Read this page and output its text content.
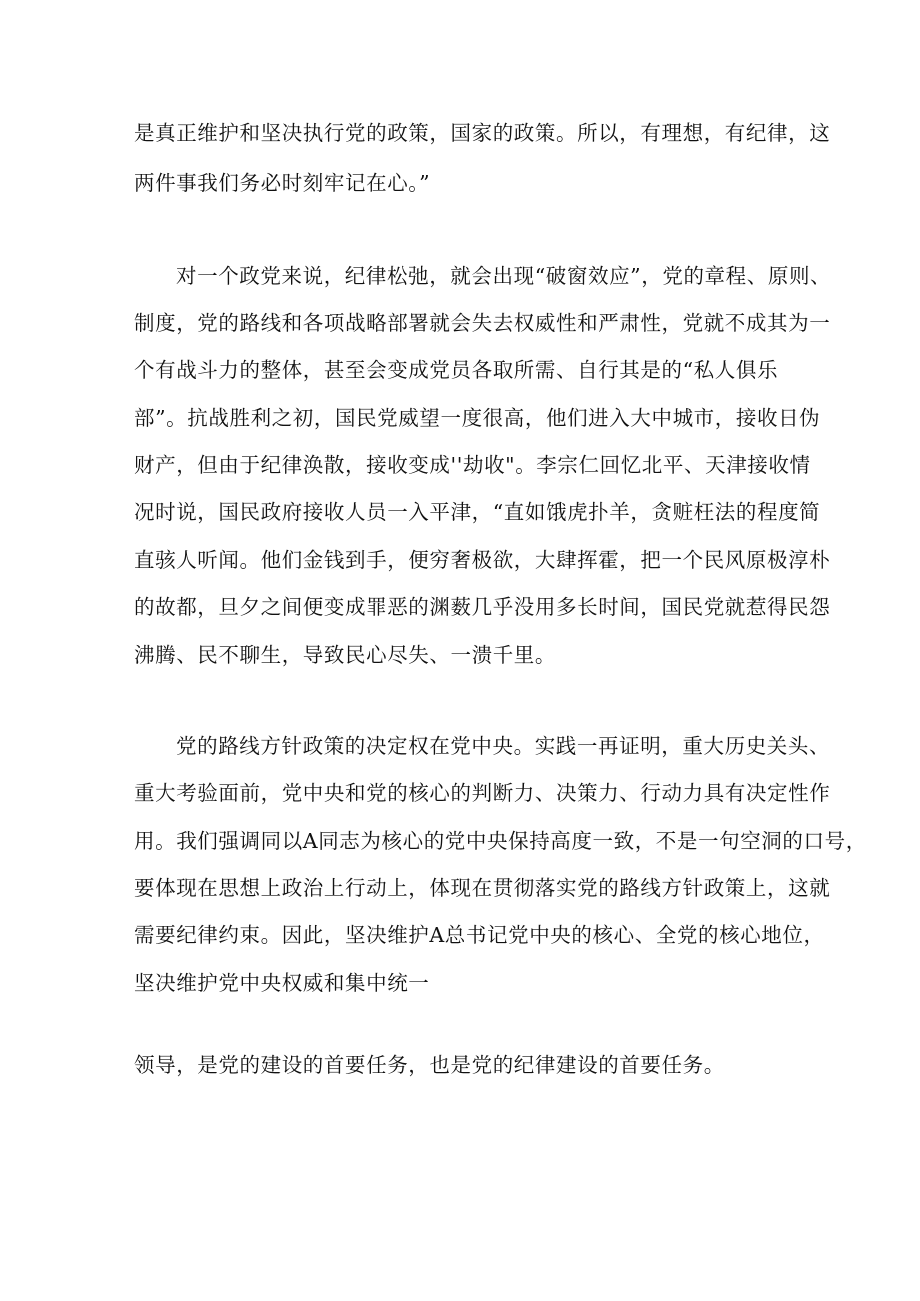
是真正维护和坚决执行党的政策，国家的政策。所以，有理想，有纪律，这
两件事我们务必时刻牢记在心。”
对一个政党来说，纪律松弛，就会出现“破窗效应”，党的章程、原则、
制度，党的路线和各项战略部署就会失去权威性和严肃性，党就不成其为一
个有战斗力的整体，甚至会变成党员各取所需、自行其是的“私人俱乐
部”。抗战胜利之初，国民党威望一度很高，他们进入大中城市，接收日伪
财产，但由于纪律涣散，接收变成''劫收"。李宗仁回忆北平、天津接收情
况时说，国民政府接收人员一入平津，“直如饿虎扑羊，贪赃枉法的程度简
直骇人听闻。他们金钱到手，便穷奢极欲，大肆挥霍，把一个民风原极淳朴
的故都，旦夕之间便变成罪恶的渊薮几乎没用多长时间，国民党就惹得民怨
沸腾、民不聊生，导致民心尽失、一溃千里。
党的路线方针政策的决定权在党中央。实践一再证明，重大历史关头、
重大考验面前，党中央和党的核心的判断力、决策力、行动力具有决定性作
用。我们强调同以A同志为核心的党中央保持高度一致，不是一句空洞的口号，
要体现在思想上政治上行动上，体现在贯彻落实党的路线方针政策上，这就
需要纪律约束。因此，坚决维护A总书记党中央的核心、全党的核心地位，
坚决维护党中央权威和集中统一
领导，是党的建设的首要任务，也是党的纪律建设的首要任务。
